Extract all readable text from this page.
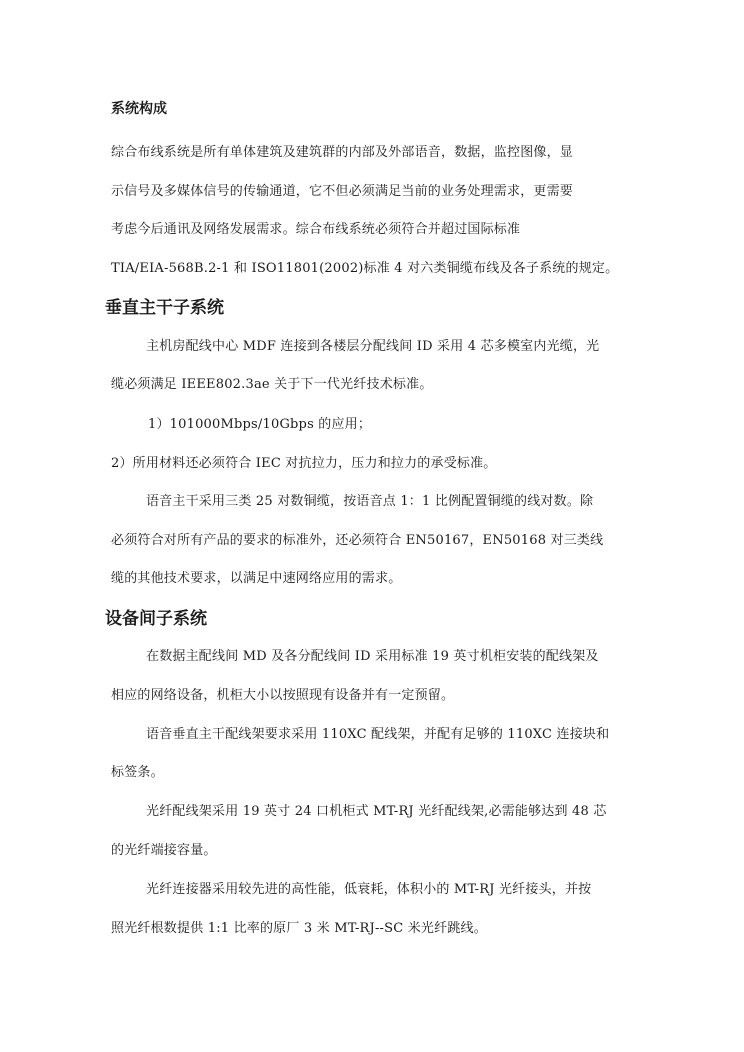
系统构成
综合布线系统是所有单体建筑及建筑群的内部及外部语音，数据，监控图像，显
示信号及多媒体信号的传输通道，它不但必须满足当前的业务处理需求，更需要
考虑今后通讯及网络发展需求。综合布线系统必须符合并超过国际标准
TIA/EIA-568B.2-1 和 ISO11801(2002)标准 4 对六类铜缆布线及各子系统的规定。
垂直主干子系统
主机房配线中心 MDF 连接到各楼层分配线间 ID 采用 4 芯多模室内光缆，光
缆必须满足 IEEE802.3ae 关于下一代光纤技术标准。
1）101000Mbps/10Gbps 的应用；
2）所用材料还必须符合 IEC 对抗拉力，压力和拉力的承受标准。
语音主干采用三类 25 对数铜缆，按语音点 1：1 比例配置铜缆的线对数。除
必须符合对所有产品的要求的标准外，还必须符合 EN50167，EN50168 对三类线
缆的其他技术要求，以满足中速网络应用的需求。
设备间子系统
在数据主配线间 MD 及各分配线间 ID 采用标准 19 英寸机柜安装的配线架及
相应的网络设备，机柜大小以按照现有设备并有一定预留。
语音垂直主干配线架要求采用 110XC 配线架，并配有足够的 110XC 连接块和
标签条。
光纤配线架采用 19 英寸 24 口机柜式 MT-RJ 光纤配线架,必需能够达到 48 芯
的光纤端接容量。
光纤连接器采用较先进的高性能，低衰耗，体积小的 MT-RJ 光纤接头，并按
照光纤根数提供 1:1 比率的原厂 3 米 MT-RJ--SC 米光纤跳线。
